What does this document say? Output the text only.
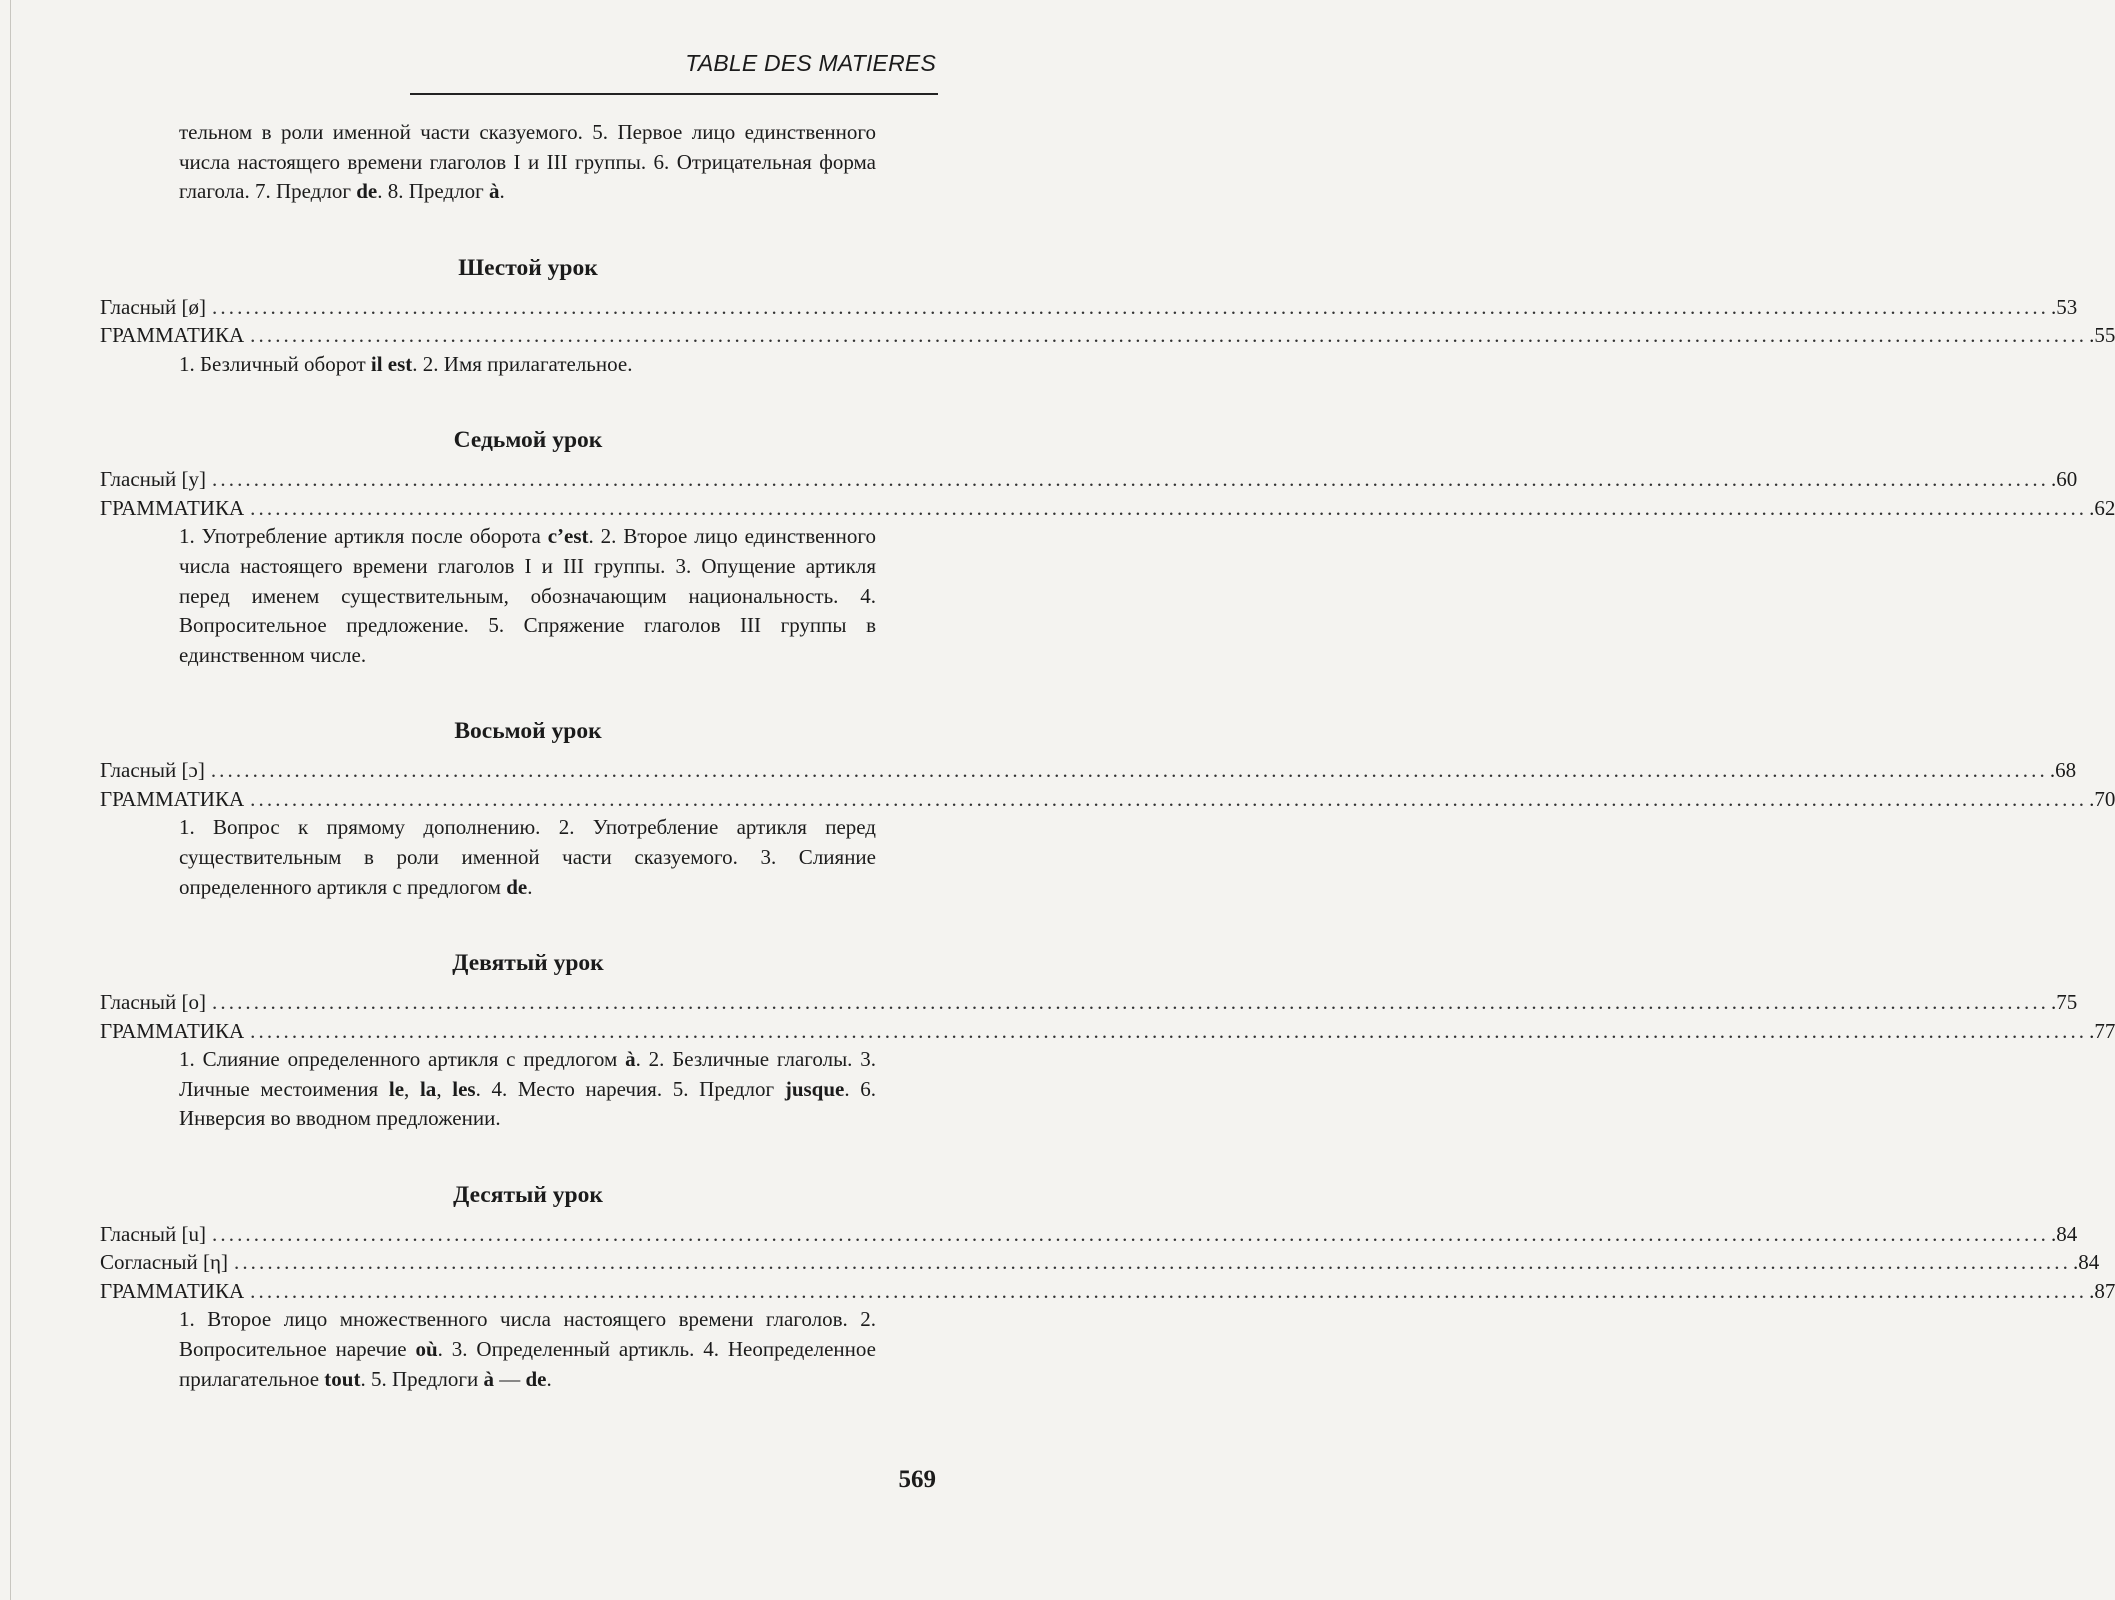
TABLE DES MATIERES

тельном в роли именной части сказуемого. 5. Первое лицо единственного числа настоящего времени глаголов I и III группы. 6. Отрицательная форма глагола. 7. Предлог de. 8. Предлог à.

Шестой урок
Гласный [ø] ............................................................................................................................................................................................................................ .53
ГРАММАТИКА ............................................................................................................................................................................................................................ .55

1. Безличный оборот il est. 2. Имя прилагательное.

Седьмой урок
Гласный [y] ............................................................................................................................................................................................................................ .60
ГРАММАТИКА ............................................................................................................................................................................................................................ .62

1. Употребление артикля после оборота c’est. 2. Второе лицо единственного числа настоящего времени глаголов I и III группы. 3. Опущение артикля перед именем существительным, обозначающим национальность. 4. Вопросительное предложение. 5. Спряжение глаголов III группы в единственном числе.

Восьмой урок
Гласный [ɔ] ............................................................................................................................................................................................................................ .68
ГРАММАТИКА ............................................................................................................................................................................................................................ .70

1. Вопрос к прямому дополнению. 2. Употребление артикля перед существительным в роли именной части сказуемого. 3. Слияние определенного артикля с предлогом de.

Девятый урок
Гласный [o] ............................................................................................................................................................................................................................ .75
ГРАММАТИКА ............................................................................................................................................................................................................................ .77

1. Слияние определенного артикля с предлогом à. 2. Безличные глаголы. 3. Личные местоимения le, la, les. 4. Место наречия. 5. Предлог jusque. 6. Инверсия во вводном предложении.

Десятый урок
Гласный [u] ............................................................................................................................................................................................................................ .84
Согласный [η] ............................................................................................................................................................................................................................ .84
ГРАММАТИКА ............................................................................................................................................................................................................................ .87

1. Второе лицо множественного числа настоящего времени глаголов. 2. Вопросительное наречие où. 3. Определенный артикль. 4. Неопределенное прилагательное tout. 5. Предлоги à — de.

569
